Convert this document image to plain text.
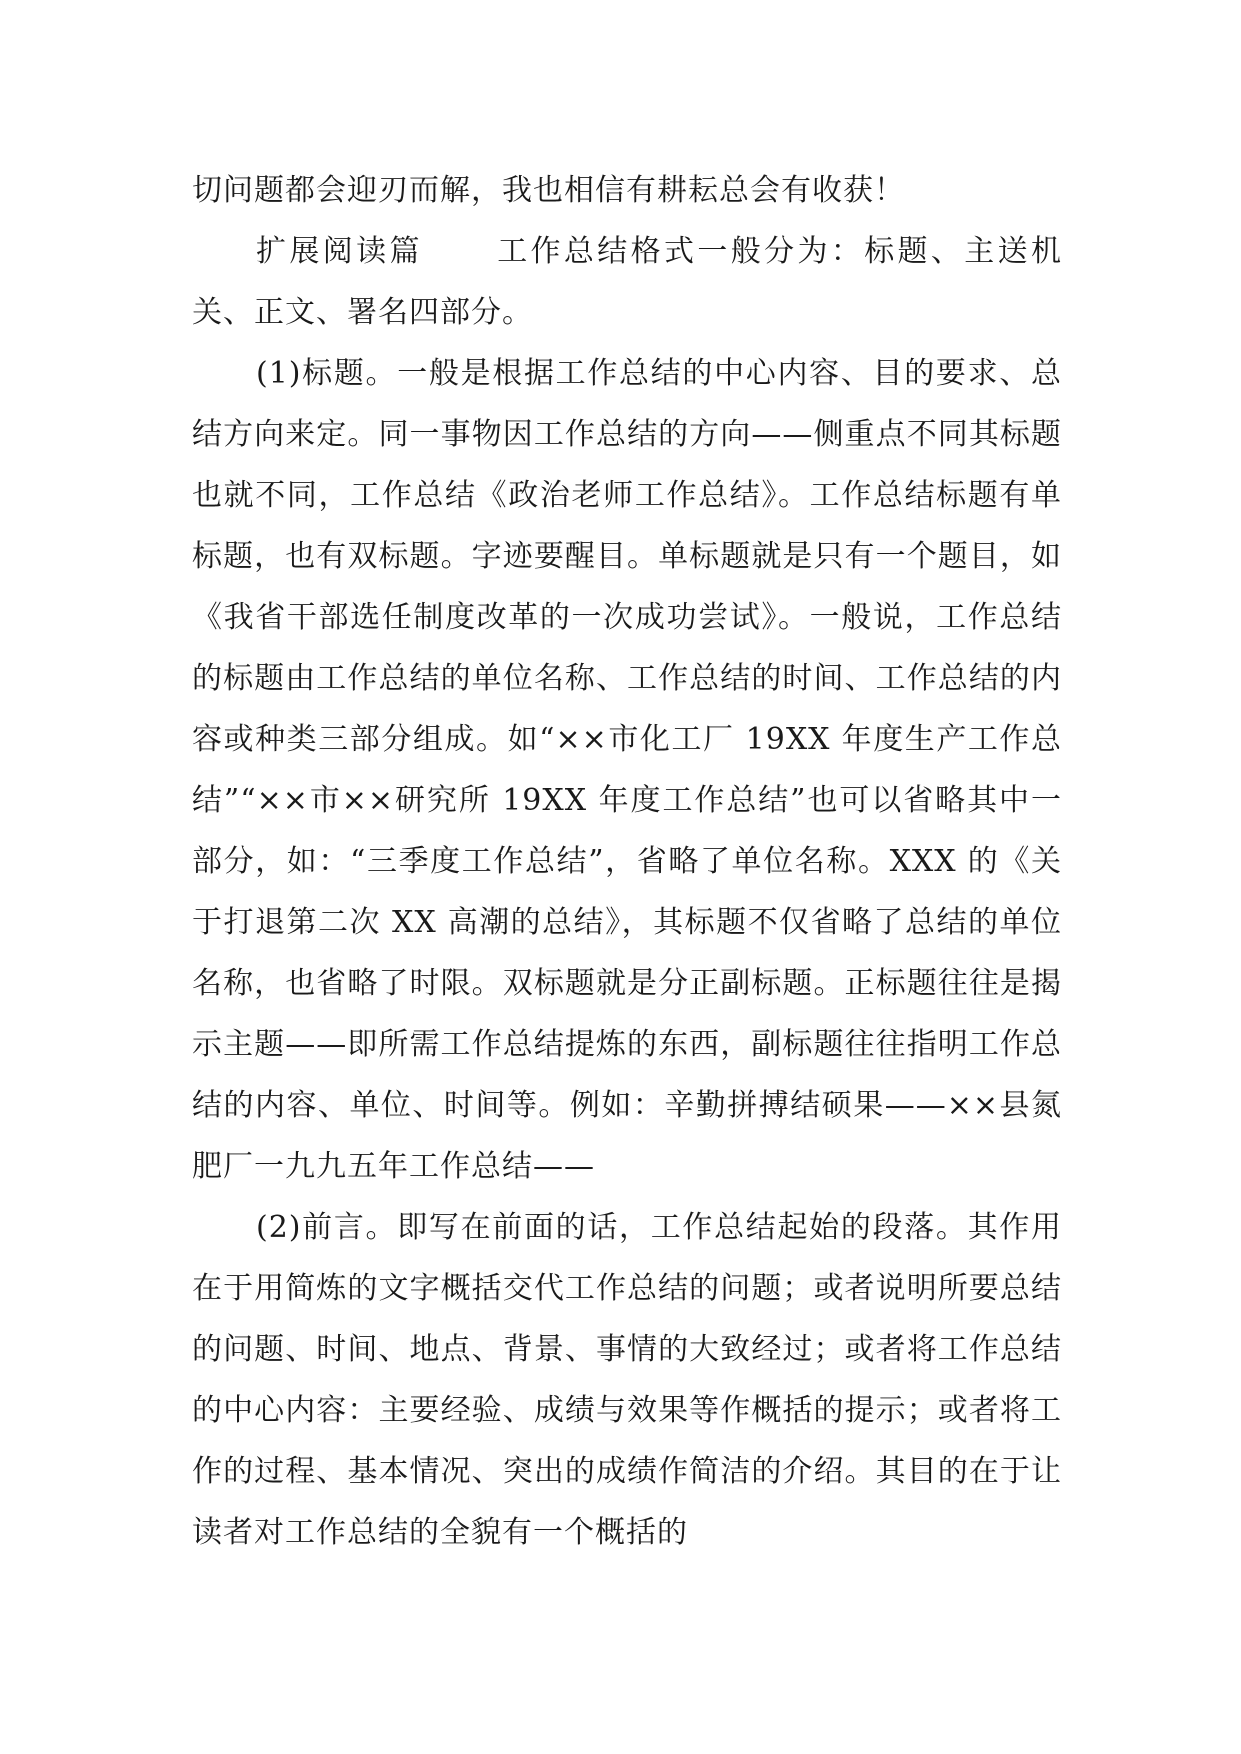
切问题都会迎刃而解，我也相信有耕耘总会有收获！

扩展阅读篇 工作总结格式一般分为：标题、主送机关、正文、署名四部分。

(1)标题。一般是根据工作总结的中心内容、目的要求、总结方向来定。同一事物因工作总结的方向——侧重点不同其标题也就不同，工作总结《政治老师工作总结》。工作总结标题有单标题，也有双标题。字迹要醒目。单标题就是只有一个题目，如《我省干部选任制度改革的一次成功尝试》。一般说，工作总结的标题由工作总结的单位名称、工作总结的时间、工作总结的内容或种类三部分组成。如“××市化工厂 19XX 年度生产工作总结”“××市××研究所 19XX 年度工作总结”也可以省略其中一部分，如：“三季度工作总结”，省略了单位名称。XXX 的《关于打退第二次 XX 高潮的总结》，其标题不仅省略了总结的单位名称，也省略了时限。双标题就是分正副标题。正标题往往是揭示主题——即所需工作总结提炼的东西，副标题往往指明工作总结的内容、单位、时间等。例如：辛勤拼搏结硕果——××县氮肥厂一九九五年工作总结——

(2)前言。即写在前面的话，工作总结起始的段落。其作用在于用简炼的文字概括交代工作总结的问题；或者说明所要总结的问题、时间、地点、背景、事情的大致经过；或者将工作总结的中心内容：主要经验、成绩与效果等作概括的提示；或者将工作的过程、基本情况、突出的成绩作简洁的介绍。其目的在于让读者对工作总结的全貌有一个概括的
